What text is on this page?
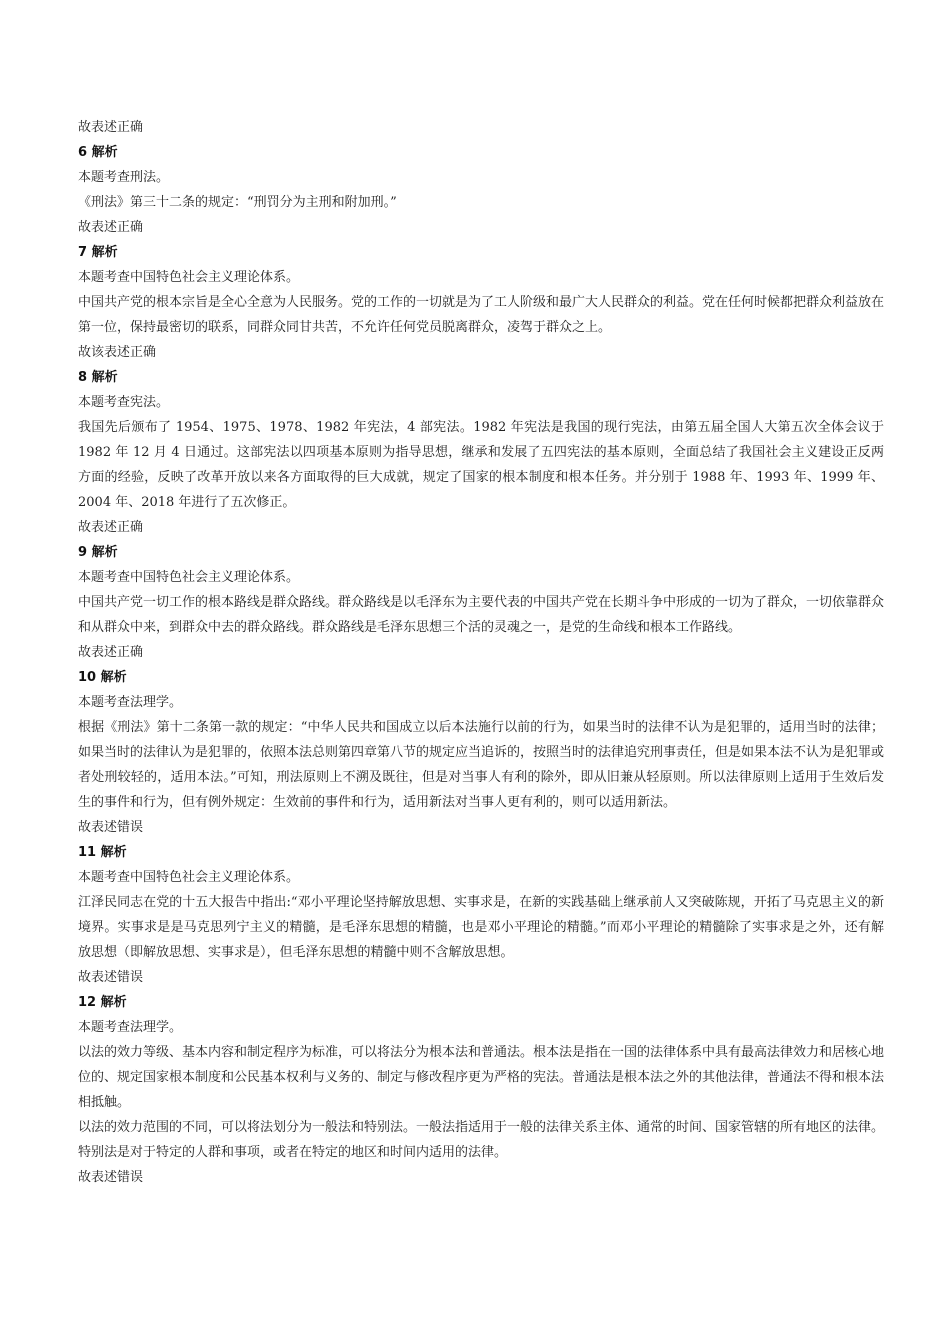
故表述正确

6 解析

本题考查刑法。

《刑法》第三十二条的规定：“刑罚分为主刑和附加刑。”

故表述正确

7 解析

本题考查中国特色社会主义理论体系。

中国共产党的根本宗旨是全心全意为人民服务。党的工作的一切就是为了工人阶级和最广大人民群众的利益。党在任何时候都把群众利益放在第一位，保持最密切的联系，同群众同甘共苦，不允许任何党员脱离群众，凌驾于群众之上。

故该表述正确

8 解析

本题考查宪法。

我国先后颁布了 1954、1975、1978、1982 年宪法，4 部宪法。1982 年宪法是我国的现行宪法，由第五届全国人大第五次全体会议于 1982 年 12 月 4 日通过。这部宪法以四项基本原则为指导思想，继承和发展了五四宪法的基本原则，全面总结了我国社会主义建设正反两方面的经验，反映了改革开放以来各方面取得的巨大成就，规定了国家的根本制度和根本任务。并分别于 1988 年、1993 年、1999 年、2004 年、2018 年进行了五次修正。

故表述正确

9 解析

本题考查中国特色社会主义理论体系。

中国共产党一切工作的根本路线是群众路线。群众路线是以毛泽东为主要代表的中国共产党在长期斗争中形成的一切为了群众，一切依靠群众和从群众中来，到群众中去的群众路线。群众路线是毛泽东思想三个活的灵魂之一，是党的生命线和根本工作路线。

故表述正确

10 解析

本题考查法理学。

根据《刑法》第十二条第一款的规定：“中华人民共和国成立以后本法施行以前的行为，如果当时的法律不认为是犯罪的，适用当时的法律；如果当时的法律认为是犯罪的，依照本法总则第四章第八节的规定应当追诉的，按照当时的法律追究刑事责任，但是如果本法不认为是犯罪或者处刑较轻的，适用本法。”可知，刑法原则上不溯及既往，但是对当事人有利的除外，即从旧兼从轻原则。所以法律原则上适用于生效后发生的事件和行为，但有例外规定：生效前的事件和行为，适用新法对当事人更有利的，则可以适用新法。

故表述错误

11 解析

本题考查中国特色社会主义理论体系。

江泽民同志在党的十五大报告中指出:“邓小平理论坚持解放思想、实事求是，在新的实践基础上继承前人又突破陈规，开拓了马克思主义的新境界。实事求是是马克思列宁主义的精髓，是毛泽东思想的精髓，也是邓小平理论的精髓。”而邓小平理论的精髓除了实事求是之外，还有解放思想（即解放思想、实事求是），但毛泽东思想的精髓中则不含解放思想。

故表述错误

12 解析

本题考查法理学。

以法的效力等级、基本内容和制定程序为标准，可以将法分为根本法和普通法。根本法是指在一国的法律体系中具有最高法律效力和居核心地位的、规定国家根本制度和公民基本权利与义务的、制定与修改程序更为严格的宪法。普通法是根本法之外的其他法律，普通法不得和根本法相抵触。

以法的效力范围的不同，可以将法划分为一般法和特别法。一般法指适用于一般的法律关系主体、通常的时间、国家管辖的所有地区的法律。特别法是对于特定的人群和事项，或者在特定的地区和时间内适用的法律。

故表述错误
